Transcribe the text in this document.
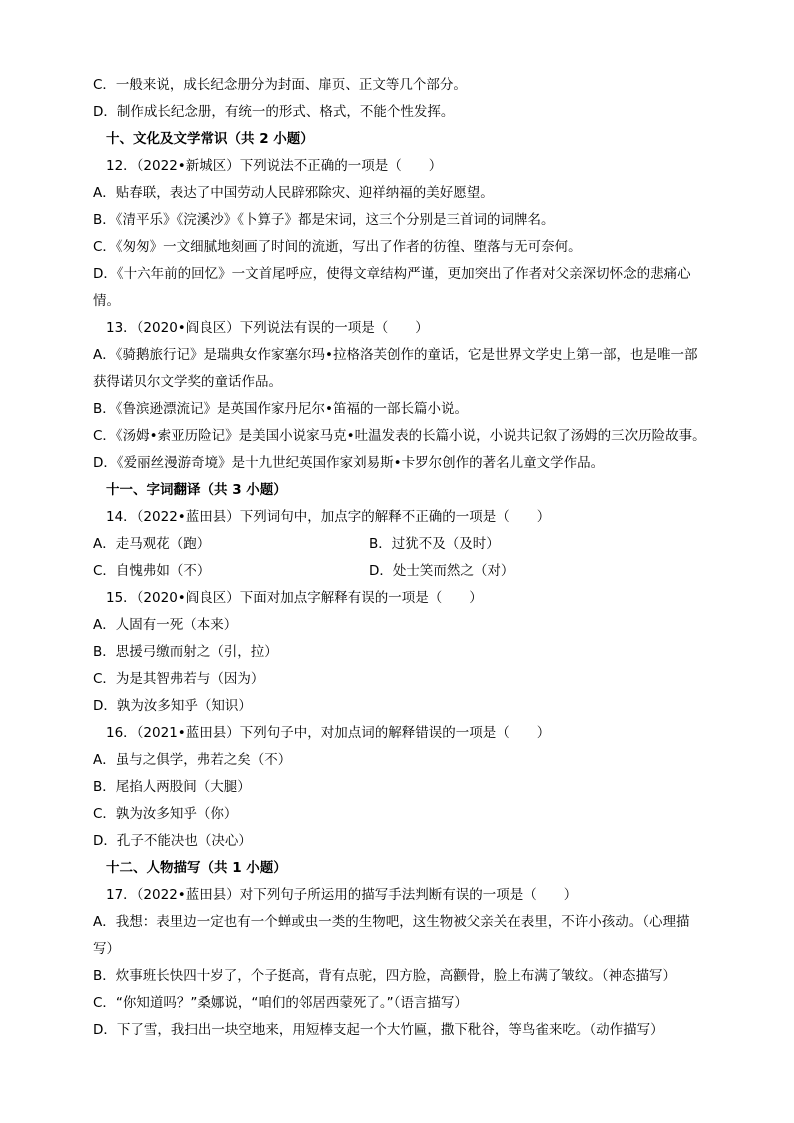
C．一般来说，成长纪念册分为封面、扉页、正文等几个部分。
D．制作成长纪念册，有统一的形式、格式，不能个性发挥。
十、文化及文学常识（共 2 小题）
12．（2022•新城区）下列说法不正确的一项是（　　）
A．贴春联，表达了中国劳动人民辟邪除灾、迎祥纳福的美好愿望。
B．《清平乐》《浣溪沙》《卜算子》都是宋词，这三个分别是三首词的词牌名。
C．《匆匆》一文细腻地刻画了时间的流逝，写出了作者的彷徨、堕落与无可奈何。
D．《十六年前的回忆》一文首尾呼应，使得文章结构严谨，更加突出了作者对父亲深切怀念的悲痛心
情。
13．（2020•阎良区）下列说法有误的一项是（　　）
A．《骑鹅旅行记》是瑞典女作家塞尔玛•拉格洛芙创作的童话，它是世界文学史上第一部，也是唯一部
获得诺贝尔文学奖的童话作品。
B．《鲁滨逊漂流记》是英国作家丹尼尔•笛福的一部长篇小说。
C．《汤姆•索亚历险记》是美国小说家马克•吐温发表的长篇小说，小说共记叙了汤姆的三次历险故事。
D．《爱丽丝漫游奇境》是十九世纪英国作家刘易斯•卡罗尔创作的著名儿童文学作品。
十一、字词翻译（共 3 小题）
14．（2022•蓝田县）下列词句中，加点字的解释不正确的一项是（　　）
A．走马观花（跑）	B．过犹不及（及时）
C．自愧弗如（不）	D．处士笑而然之（对）
15．（2020•阎良区）下面对加点字解释有误的一项是（　　）
A．人固有一死（本来）
B．思援弓缴而射之（引，拉）
C．为是其智弗若与（因为）
D．孰为汝多知乎（知识）
16．（2021•蓝田县）下列句子中，对加点词的解释错误的一项是（　　）
A．虽与之俱学，弗若之矣（不）
B．尾掐人两股间（大腿）
C．孰为汝多知乎（你）
D．孔子不能决也（决心）
十二、人物描写（共 1 小题）
17．（2022•蓝田县）对下列句子所运用的描写手法判断有误的一项是（　　）
A．我想：表里边一定也有一个蝉或虫一类的生物吧，这生物被父亲关在表里，不许小孩动。（心理描
写）
B．炊事班长快四十岁了，个子挺高，背有点驼，四方脸，高颧骨，脸上布满了皱纹。（神态描写）
C．“你知道吗？”桑娜说，“咱们的邻居西蒙死了。”（语言描写）
D．下了雪，我扫出一块空地来，用短棒支起一个大竹匾，撒下秕谷，等鸟雀来吃。（动作描写）
